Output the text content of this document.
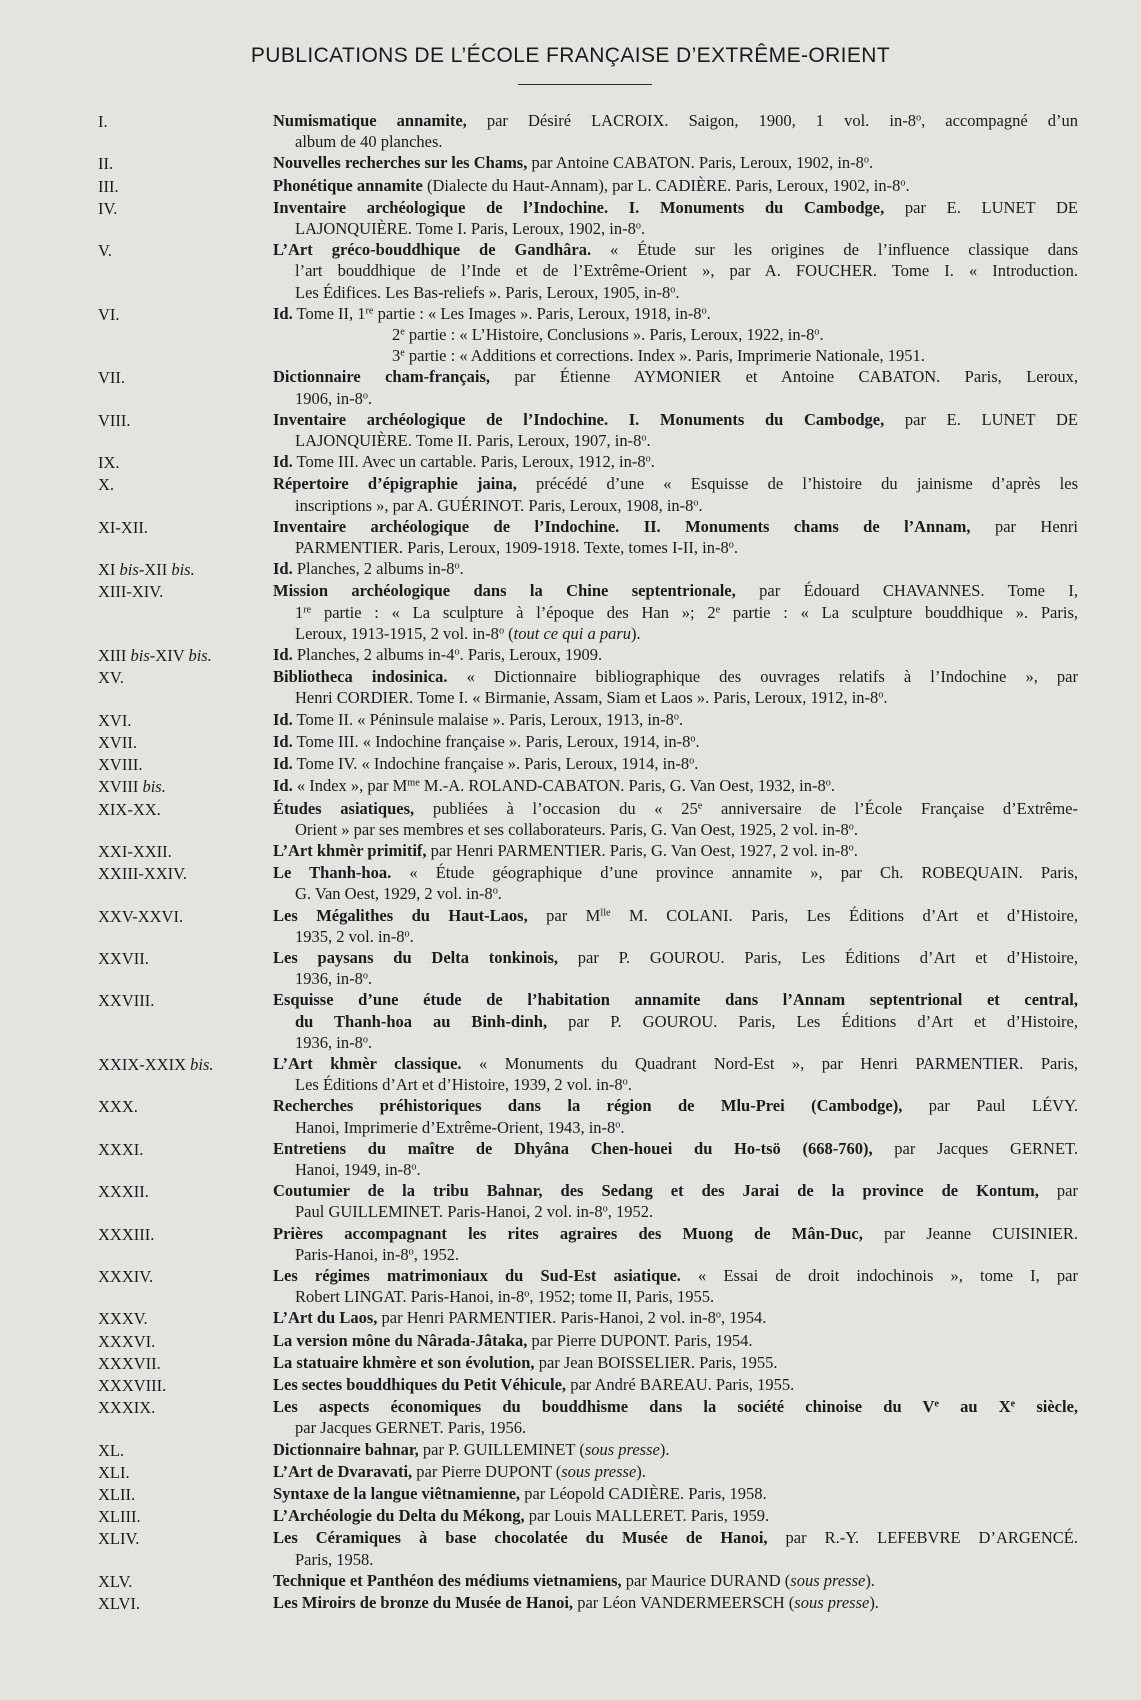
PUBLICATIONS DE L’ÉCOLE FRANÇAISE D’EXTRÊME-ORIENT
I.	Numismatique annamite, par Désiré LACROIX. Saigon, 1900, 1 vol. in-8$^o$, accompagné d’un
album de 40 planches.
II.	Nouvelles recherches sur les Chams, par Antoine CABATON. Paris, Leroux, 1902, in-8$^o$.
III.	Phonétique annamite (Dialecte du Haut-Annam), par L. CADIÈRE. Paris, Leroux, 1902, in-8$^o$.
IV.	Inventaire archéologique de l’Indochine. I. Monuments du Cambodge, par E. LUNET DE
LAJONQUIÈRE. Tome I. Paris, Leroux, 1902, in-8$^o$.
V.	L’Art gréco-bouddhique de Gandhâra. « Étude sur les origines de l’influence classique dans
l’art bouddhique de l’Inde et de l’Extrême-Orient », par A. FOUCHER. Tome I. « Introduction.
Les Édifices. Les Bas-reliefs ». Paris, Leroux, 1905, in-8$^o$.
VI.	Id. Tome II, 1re partie : « Les Images ». Paris, Leroux, 1918, in-8$^o$.
2e partie : « L’Histoire, Conclusions ». Paris, Leroux, 1922, in-8$^o$.
3e partie : « Additions et corrections. Index ». Paris, Imprimerie Nationale, 1951.
VII.	Dictionnaire cham-français, par Étienne AYMONIER et Antoine CABATON. Paris, Leroux,
1906, in-8$^o$.
VIII.	Inventaire archéologique de l’Indochine. I. Monuments du Cambodge, par E. LUNET DE
LAJONQUIÈRE. Tome II. Paris, Leroux, 1907, in-8$^o$.
IX.	Id. Tome III. Avec un cartable. Paris, Leroux, 1912, in-8$^o$.
X.	Répertoire d’épigraphie jaina, précédé d’une « Esquisse de l’histoire du jainisme d’après les
inscriptions », par A. GUÉRINOT. Paris, Leroux, 1908, in-8$^o$.
XI-XII.	Inventaire archéologique de l’Indochine. II. Monuments chams de l’Annam, par Henri
PARMENTIER. Paris, Leroux, 1909-1918. Texte, tomes I-II, in-8$^o$.
XI bis-XII bis.	Id. Planches, 2 albums in-8$^o$.
XIII-XIV.	Mission archéologique dans la Chine septentrionale, par Édouard CHAVANNES. Tome I,
1re partie : « La sculpture à l’époque des Han »; 2e partie : « La sculpture bouddhique ». Paris,
Leroux, 1913-1915, 2 vol. in-8$^o$ (tout ce qui a paru).
XIII bis-XIV bis.	Id. Planches, 2 albums in-4$^o$. Paris, Leroux, 1909.
XV.	Bibliotheca indosinica. « Dictionnaire bibliographique des ouvrages relatifs à l’Indochine », par
Henri CORDIER. Tome I. « Birmanie, Assam, Siam et Laos ». Paris, Leroux, 1912, in-8$^o$.
XVI.	Id. Tome II. « Péninsule malaise ». Paris, Leroux, 1913, in-8$^o$.
XVII.	Id. Tome III. « Indochine française ». Paris, Leroux, 1914, in-8$^o$.
XVIII.	Id. Tome IV. « Indochine française ». Paris, Leroux, 1914, in-8$^o$.
XVIII bis.	Id. « Index », par $M^{me}$ M.-A. ROLAND-CABATON. Paris, G. Van Oest, 1932, in-8$^o$.
XIX-XX.	Études asiatiques, publiées à l’occasion du « 25e anniversaire de l’École Française d’Extrême-
Orient » par ses membres et ses collaborateurs. Paris, G. Van Oest, 1925, 2 vol. in-8$^o$.
XXI-XXII.	L’Art khmèr primitif, par Henri PARMENTIER. Paris, G. Van Oest, 1927, 2 vol. in-8$^o$.
XXIII-XXIV.	Le Thanh-hoa. « Étude géographique d’une province annamite », par Ch. ROBEQUAIN. Paris,
G. Van Oest, 1929, 2 vol. in-8$^o$.
XXV-XXVI.	Les Mégalithes du Haut-Laos, par $M^{lle}$ M. COLANI. Paris, Les Éditions d’Art et d’Histoire,
1935, 2 vol. in-8$^o$.
XXVII.	Les paysans du Delta tonkinois, par P. GOUROU. Paris, Les Éditions d’Art et d’Histoire,
1936, in-8$^o$.
XXVIII.	Esquisse d’une étude de l’habitation annamite dans l’Annam septentrional et central,
du Thanh-hoa au Binh-dinh, par P. GOUROU. Paris, Les Éditions d’Art et d’Histoire,
1936, in-8$^o$.
XXIX-XXIX bis.	L’Art khmèr classique. « Monuments du Quadrant Nord-Est », par Henri PARMENTIER. Paris,
Les Éditions d’Art et d’Histoire, 1939, 2 vol. in-8$^o$.
XXX.	Recherches préhistoriques dans la région de Mlu-Prei (Cambodge), par Paul LÉVY.
Hanoi, Imprimerie d’Extrême-Orient, 1943, in-8$^o$.
XXXI.	Entretiens du maître de Dhyâna Chen-houei du Ho-tsö (668-760), par Jacques GERNET.
Hanoi, 1949, in-8$^o$.
XXXII.	Coutumier de la tribu Bahnar, des Sedang et des Jarai de la province de Kontum, par
Paul GUILLEMINET. Paris-Hanoi, 2 vol. in-8$^o$, 1952.
XXXIII.	Prières accompagnant les rites agraires des Muong de Mân-Duc, par Jeanne CUISINIER.
Paris-Hanoi, in-8$^o$, 1952.
XXXIV.	Les régimes matrimoniaux du Sud-Est asiatique. « Essai de droit indochinois », tome I, par
Robert LINGAT. Paris-Hanoi, in-8$^o$, 1952; tome II, Paris, 1955.
XXXV.	L’Art du Laos, par Henri PARMENTIER. Paris-Hanoi, 2 vol. in-8$^o$, 1954.
XXXVI.	La version mône du Nârada-Jâtaka, par Pierre DUPONT. Paris, 1954.
XXXVII.	La statuaire khmère et son évolution, par Jean BOISSELIER. Paris, 1955.
XXXVIII.	Les sectes bouddhiques du Petit Véhicule, par André BAREAU. Paris, 1955.
XXXIX.	Les aspects économiques du bouddhisme dans la société chinoise du Ve au Xe siècle,
par Jacques GERNET. Paris, 1956.
XL.	Dictionnaire bahnar, par P. GUILLEMINET (sous presse).
XLI.	L’Art de Dvaravati, par Pierre DUPONT (sous presse).
XLII.	Syntaxe de la langue viêtnamienne, par Léopold CADIÈRE. Paris, 1958.
XLIII.	L’Archéologie du Delta du Mékong, par Louis MALLERET. Paris, 1959.
XLIV.	Les Céramiques à base chocolatée du Musée de Hanoi, par R.-Y. LEFEBVRE D’ARGENCÉ.
Paris, 1958.
XLV.	Technique et Panthéon des médiums vietnamiens, par Maurice DURAND (sous presse).
XLVI.	Les Miroirs de bronze du Musée de Hanoi, par Léon VANDERMEERSCH (sous presse).
